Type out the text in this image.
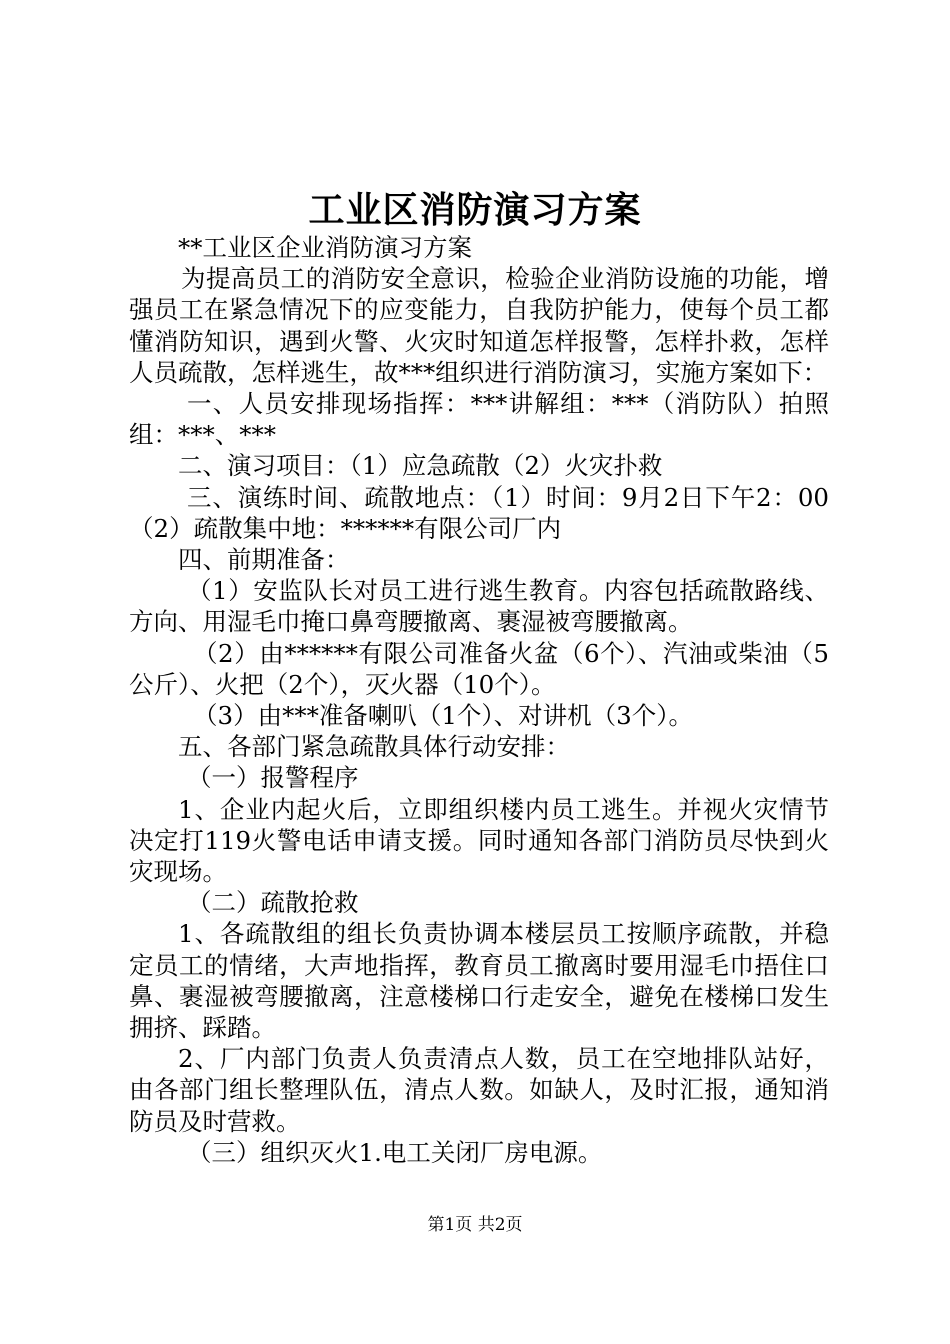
工业区消防演习方案

**工业区企业消防演习方案

为提高员工的消防安全意识，检验企业消防设施的功能，增强员工在紧急情况下的应变能力，自我防护能力，使每个员工都懂消防知识，遇到火警、火灾时知道怎样报警，怎样扑救，怎样人员疏散，怎样逃生，故***组织进行消防演习，实施方案如下：

一、人员安排现场指挥：***讲解组：***（消防队）拍照组：***、***

二、演习项目：（1）应急疏散（2）火灾扑救

三、演练时间、疏散地点：（1）时间：9月2日下午2：00（2）疏散集中地：******有限公司厂内

四、前期准备：

（1）安监队长对员工进行逃生教育。内容包括疏散路线、方向、用湿毛巾掩口鼻弯腰撤离、裹湿被弯腰撤离。

（2）由******有限公司准备火盆（6个）、汽油或柴油（5公斤）、火把（2个），灭火器（10个）。

（3）由***准备喇叭（1个）、对讲机（3个）。

五、各部门紧急疏散具体行动安排：

（一）报警程序

1、企业内起火后，立即组织楼内员工逃生。并视火灾情节决定打119火警电话申请支援。同时通知各部门消防员尽快到火灾现场。

（二）疏散抢救

1、各疏散组的组长负责协调本楼层员工按顺序疏散，并稳定员工的情绪，大声地指挥，教育员工撤离时要用湿毛巾捂住口鼻、裹湿被弯腰撤离，注意楼梯口行走安全，避免在楼梯口发生拥挤、踩踏。

2、厂内部门负责人负责清点人数，员工在空地排队站好，由各部门组长整理队伍，清点人数。如缺人，及时汇报，通知消防员及时营救。

（三）组织灭火1.电工关闭厂房电源。

第1页 共2页
